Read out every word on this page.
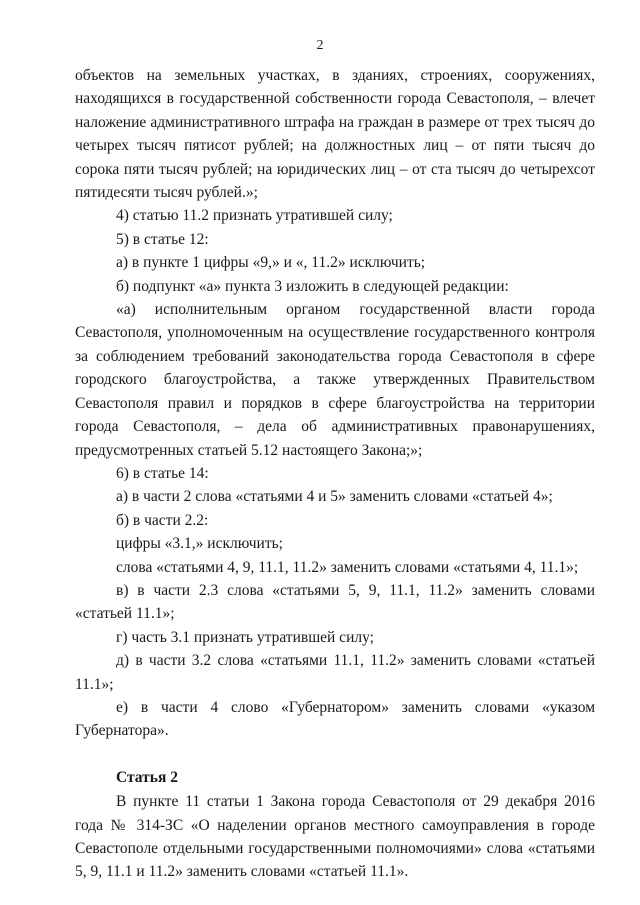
2

объектов на земельных участках, в зданиях, строениях, сооружениях, находящихся в государственной собственности города Севастополя, – влечет наложение административного штрафа на граждан в размере от трех тысяч до четырех тысяч пятисот рублей; на должностных лиц – от пяти тысяч до сорока пяти тысяч рублей; на юридических лиц – от ста тысяч до четырехсот пятидесяти тысяч рублей.»;

4) статью 11.2 признать утратившей силу;

5) в статье 12:

а) в пункте 1 цифры «9,» и «, 11.2» исключить;

б) подпункт «а» пункта 3 изложить в следующей редакции:

«а) исполнительным органом государственной власти города Севастополя, уполномоченным на осуществление государственного контроля за соблюдением требований законодательства города Севастополя в сфере городского благоустройства, а также утвержденных Правительством Севастополя правил и порядков в сфере благоустройства на территории города Севастополя, – дела об административных правонарушениях, предусмотренных статьей 5.12 настоящего Закона;»;

6) в статье 14:

а) в части 2 слова «статьями 4 и 5» заменить словами «статьей 4»;

б) в части 2.2:

цифры «3.1,» исключить;

слова «статьями 4, 9, 11.1, 11.2» заменить словами «статьями 4, 11.1»;

в) в части 2.3 слова «статьями 5, 9, 11.1, 11.2» заменить словами «статьей 11.1»;

г) часть 3.1 признать утратившей силу;

д) в части 3.2 слова «статьями 11.1, 11.2» заменить словами «статьей 11.1»;

е) в части 4 слово «Губернатором» заменить словами «указом Губернатора».

Статья 2

В пункте 11 статьи 1 Закона города Севастополя от 29 декабря 2016 года № 314-ЗС «О наделении органов местного самоуправления в городе Севастополе отдельными государственными полномочиями» слова «статьями 5, 9, 11.1 и 11.2» заменить словами «статьей 11.1».
